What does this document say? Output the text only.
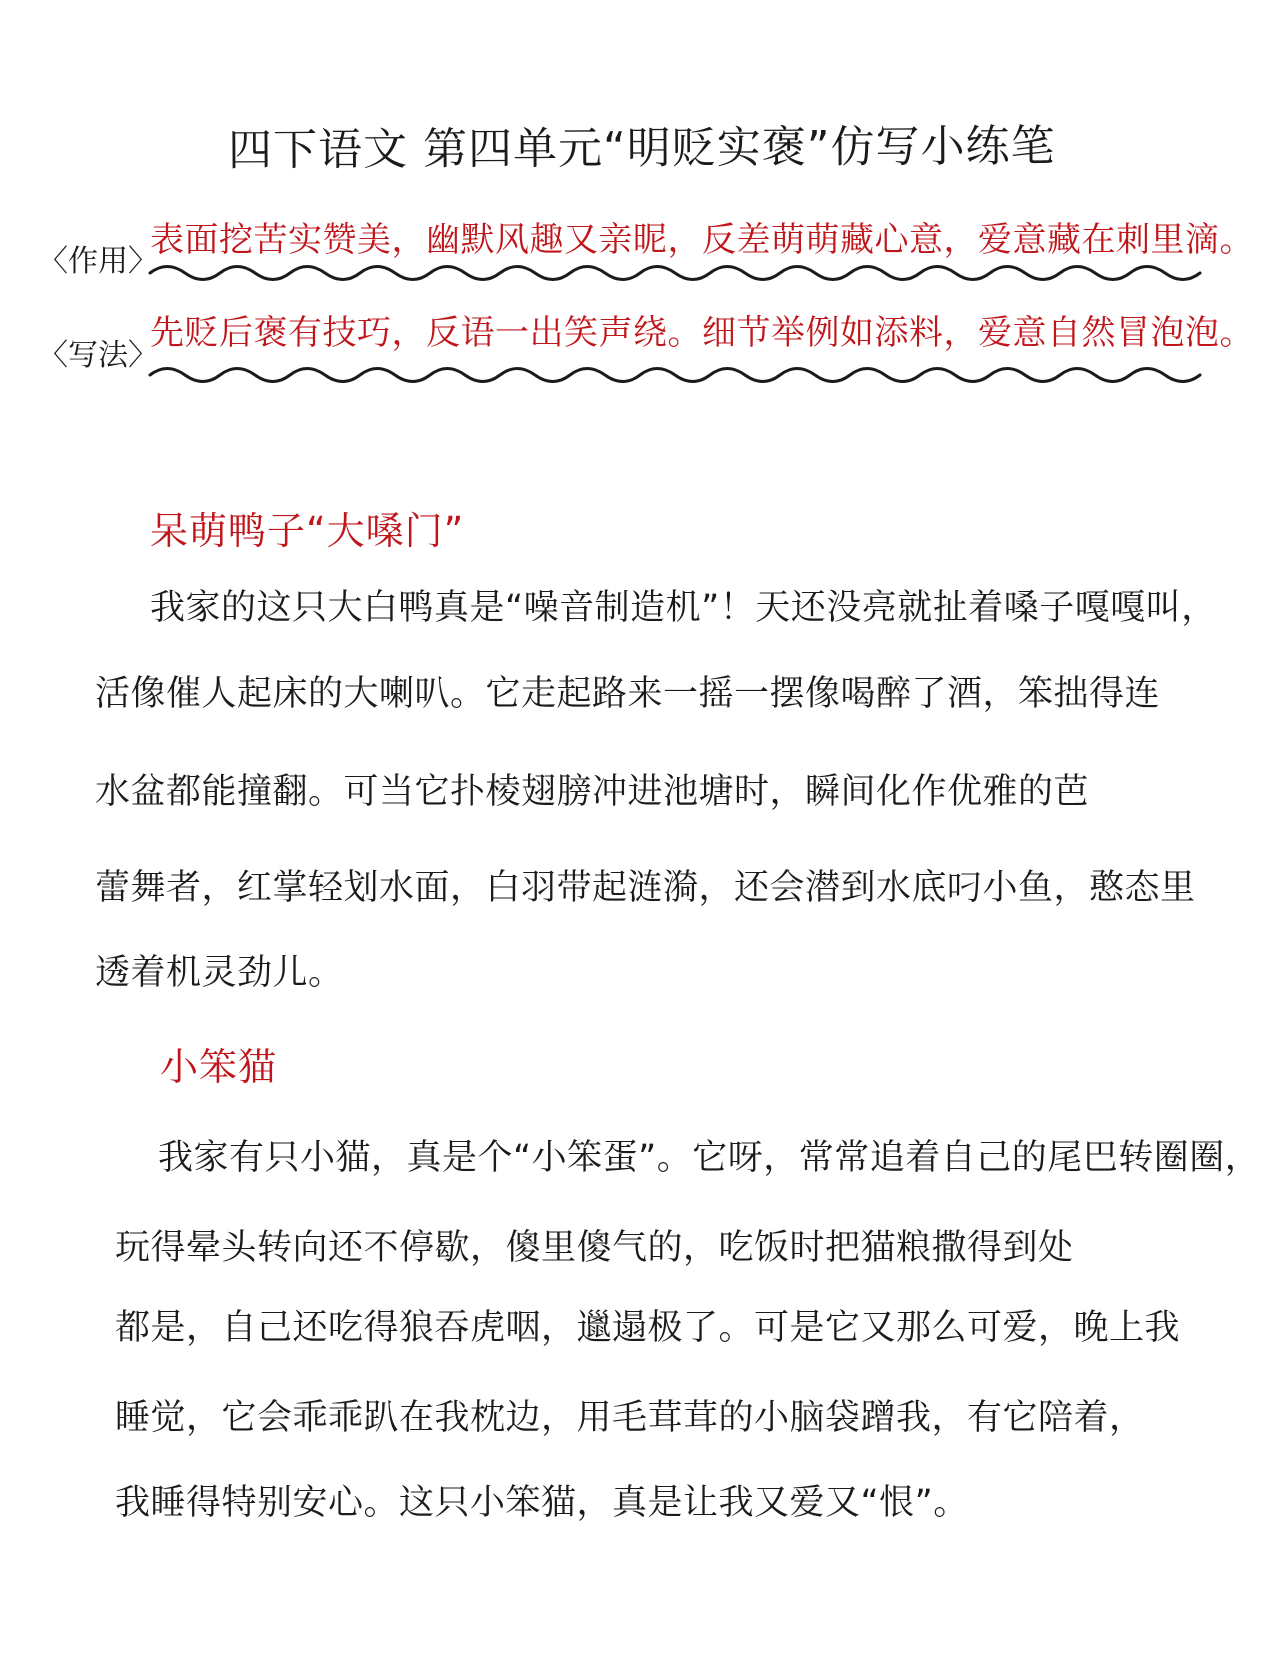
四下语文 第四单元“明贬实褒”仿写小练笔
〈作用〉
表面挖苦实赞美，幽默风趣又亲昵，反差萌萌藏心意，爱意藏在刺里滴。
〈写法〉
先贬后褒有技巧，反语一出笑声绕。细节举例如添料，爱意自然冒泡泡。
呆萌鸭子“大嗓门”
我家的这只大白鸭真是“噪音制造机”！天还没亮就扯着嗓子嘎嘎叫，
活像催人起床的大喇叭。它走起路来一摇一摆像喝醉了酒，笨拙得连
水盆都能撞翻。可当它扑棱翅膀冲进池塘时，瞬间化作优雅的芭
蕾舞者，红掌轻划水面，白羽带起涟漪，还会潜到水底叼小鱼，憨态里
透着机灵劲儿。
小笨猫
我家有只小猫，真是个“小笨蛋”。它呀，常常追着自己的尾巴转圈圈，
玩得晕头转向还不停歇，傻里傻气的，吃饭时把猫粮撒得到处
都是，自己还吃得狼吞虎咽，邋遢极了。可是它又那么可爱，晚上我
睡觉，它会乖乖趴在我枕边，用毛茸茸的小脑袋蹭我，有它陪着，
我睡得特别安心。这只小笨猫，真是让我又爱又“恨”。
